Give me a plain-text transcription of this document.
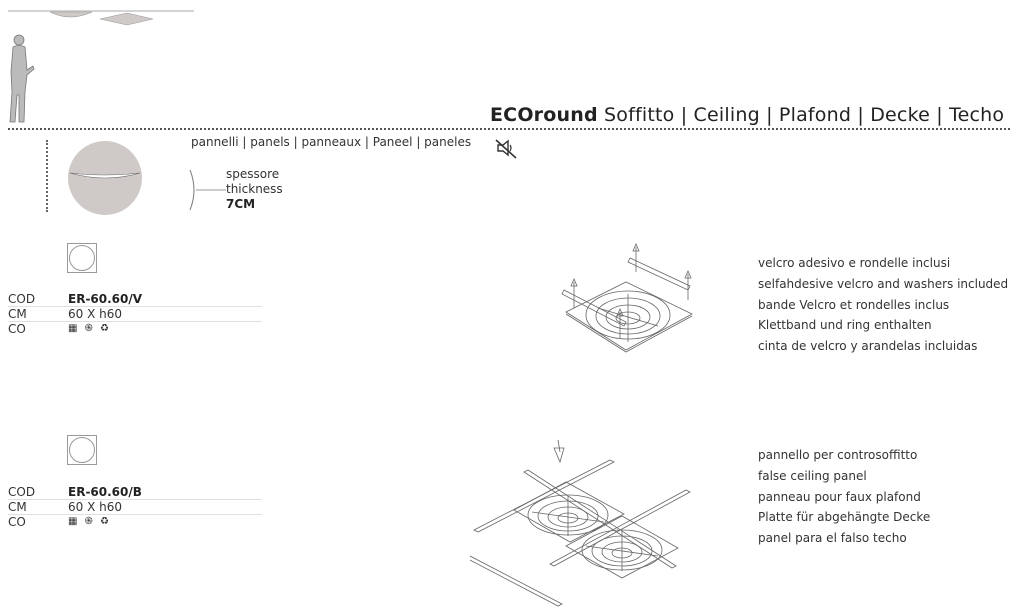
ECOround Soffitto | Ceiling | Plafond | Decke | Techo
pannelli | panels | panneaux | Paneel | paneles
spessore
thickness
7CM
COD	ER-60.60/V
CM	60 X h60
CO	▦ ֍ ♻
COD	ER-60.60/B
CM	60 X h60
CO	▦ ֍ ♻
velcro adesivo e rondelle inclusi
selfahdesive velcro and washers included
bande Velcro et rondelles inclus
Klettband und ring enthalten
cinta de velcro y arandelas incluidas
pannello per controsoffitto
false ceiling panel
panneau pour faux plafond
Platte für abgehängte Decke
panel para el falso techo
